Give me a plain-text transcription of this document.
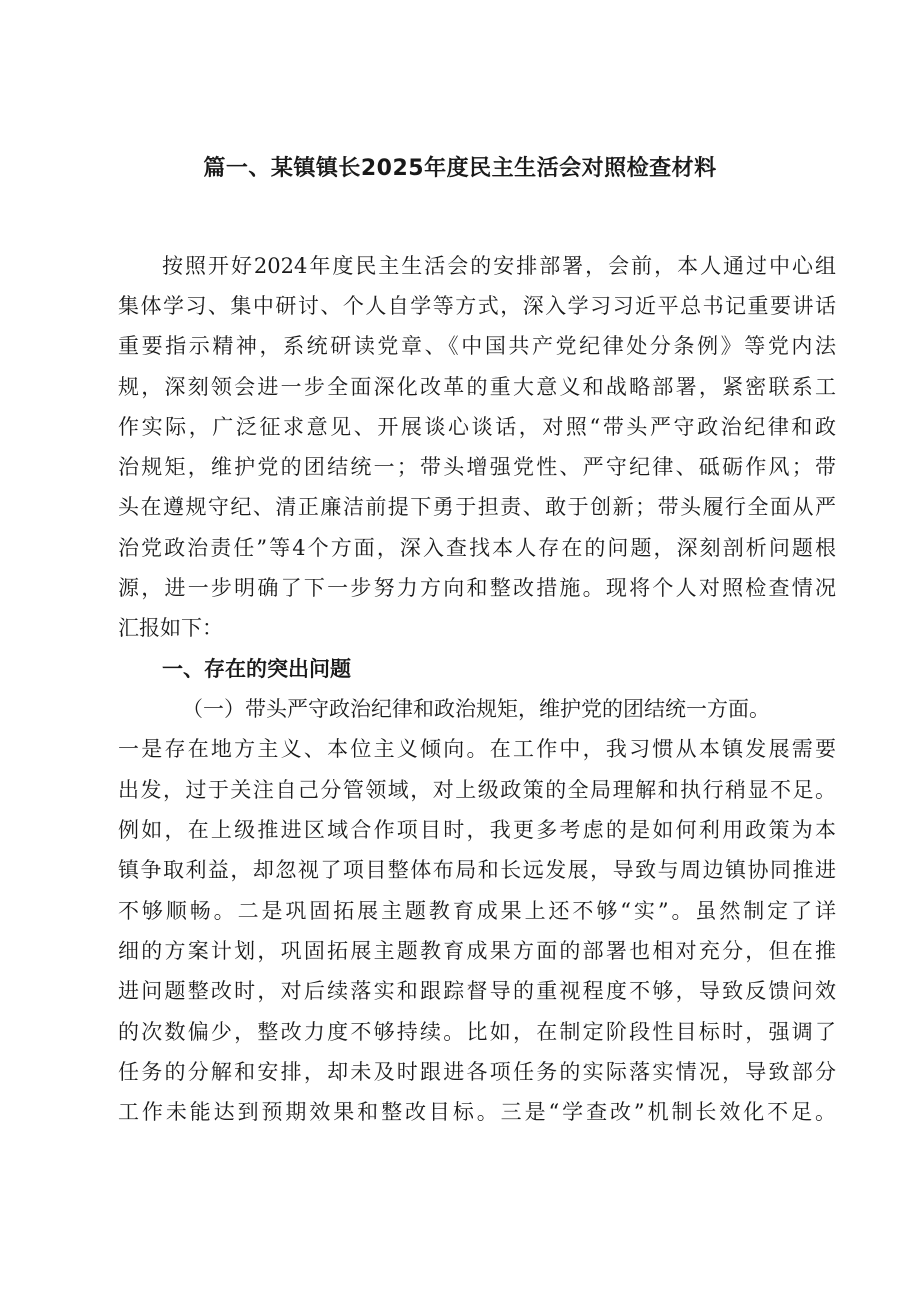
篇一、某镇镇长2025年度民主生活会对照检查材料
按照开好2024年度民主生活会的安排部署，会前，本人通过中心组
集体学习、集中研讨、个人自学等方式，深入学习习近平总书记重要讲话
重要指示精神，系统研读党章、《中国共产党纪律处分条例》等党内法
规，深刻领会进一步全面深化改革的重大意义和战略部署，紧密联系工
作实际，广泛征求意见、开展谈心谈话，对照“带头严守政治纪律和政
治规矩，维护党的团结统一；带头增强党性、严守纪律、砥砺作风；带
头在遵规守纪、清正廉洁前提下勇于担责、敢于创新；带头履行全面从严
治党政治责任”等4个方面，深入查找本人存在的问题，深刻剖析问题根
源，进一步明确了下一步努力方向和整改措施。现将个人对照检查情况
汇报如下：
一、存在的突出问题
（一）带头严守政治纪律和政治规矩，维护党的团结统一方面。
一是存在地方主义、本位主义倾向。在工作中，我习惯从本镇发展需要
出发，过于关注自己分管领域，对上级政策的全局理解和执行稍显不足。
例如，在上级推进区域合作项目时，我更多考虑的是如何利用政策为本
镇争取利益，却忽视了项目整体布局和长远发展，导致与周边镇协同推进
不够顺畅。二是巩固拓展主题教育成果上还不够“实”。虽然制定了详
细的方案计划，巩固拓展主题教育成果方面的部署也相对充分，但在推
进问题整改时，对后续落实和跟踪督导的重视程度不够，导致反馈问效
的次数偏少，整改力度不够持续。比如，在制定阶段性目标时，强调了
任务的分解和安排，却未及时跟进各项任务的实际落实情况，导致部分
工作未能达到预期效果和整改目标。三是“学查改”机制长效化不足。
